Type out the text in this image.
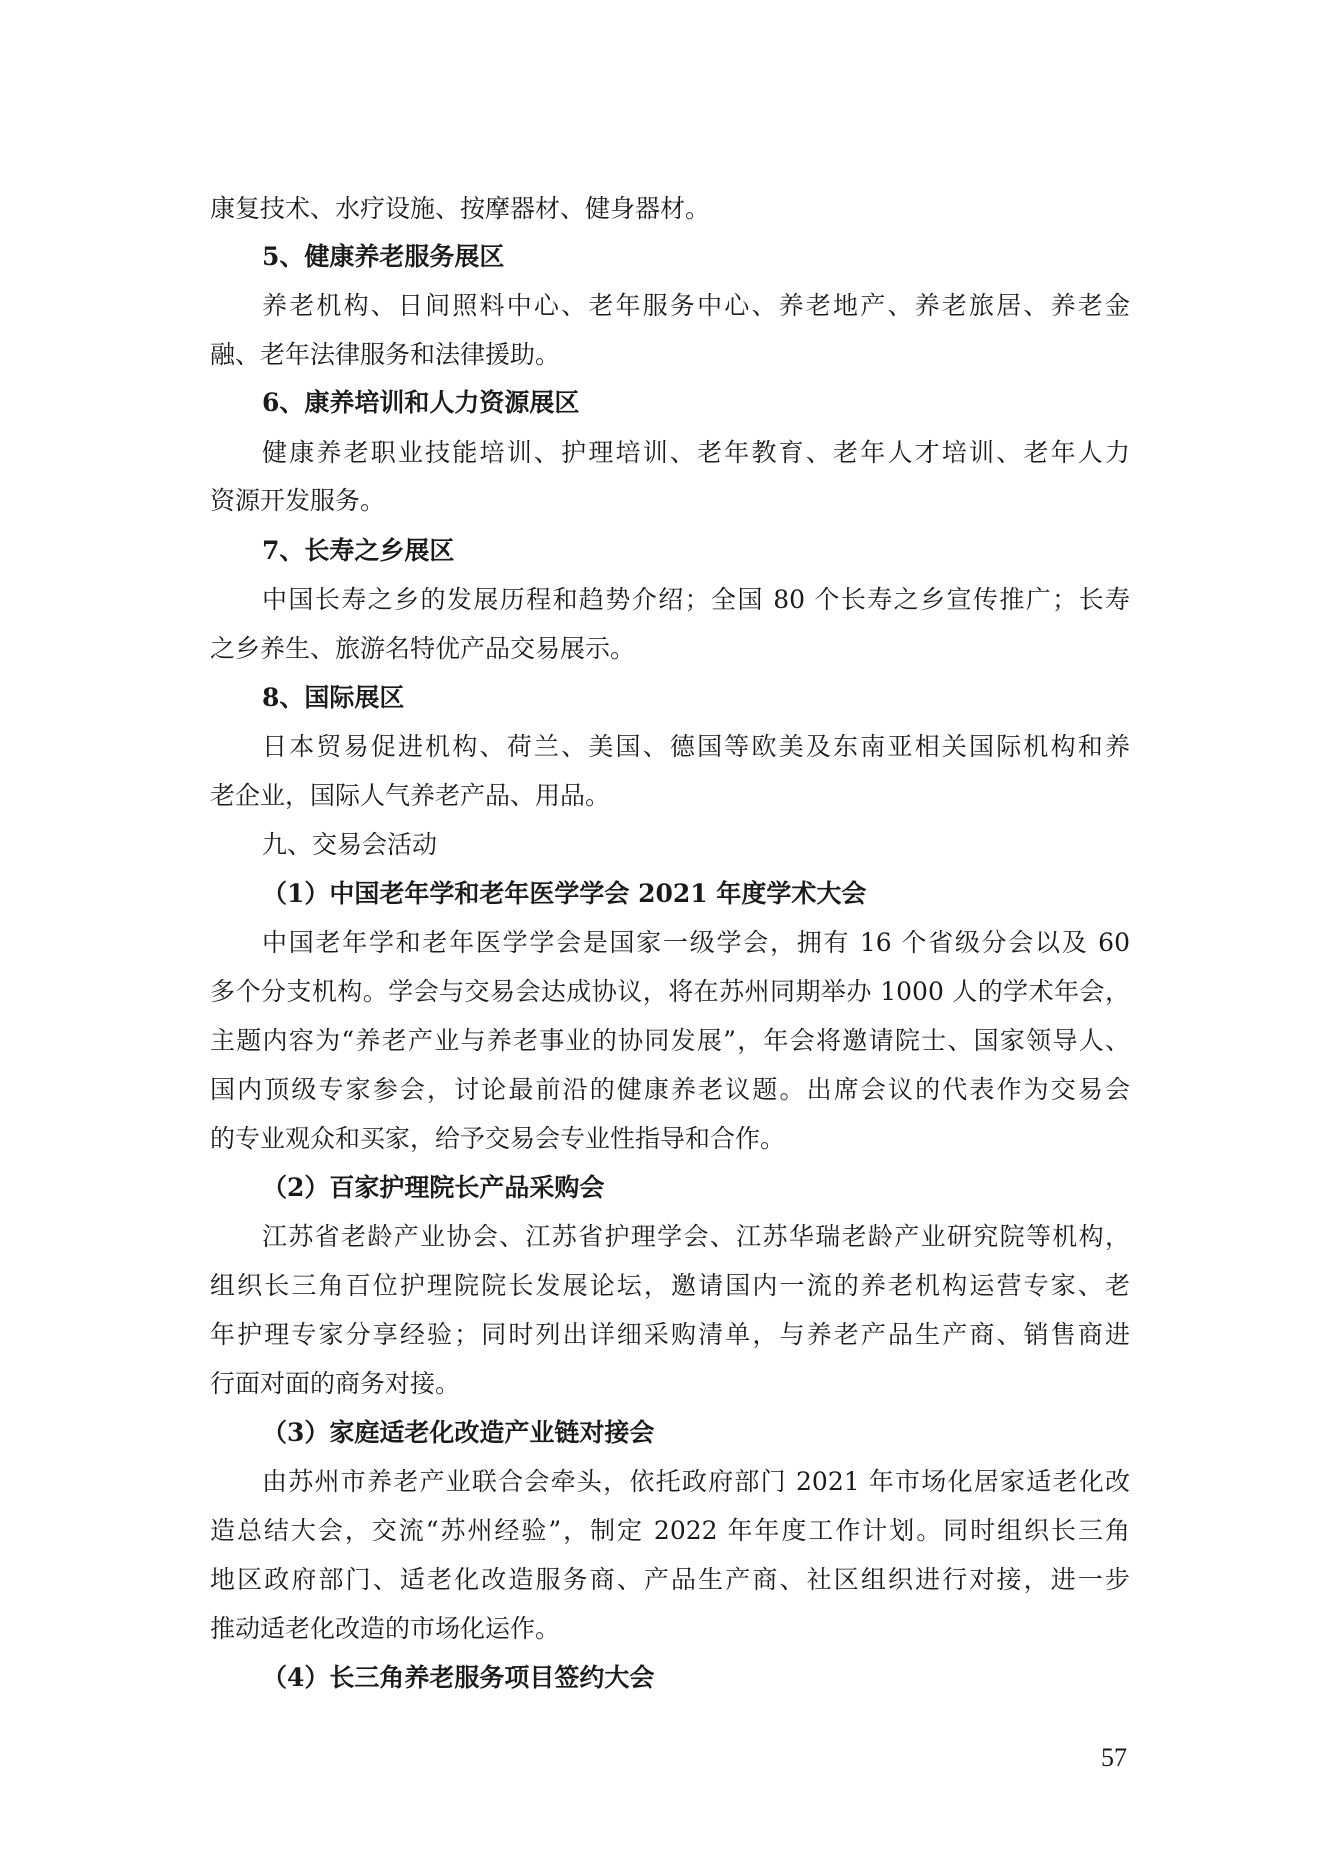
康复技术、水疗设施、按摩器材、健身器材。
5、健康养老服务展区
养老机构、日间照料中心、老年服务中心、养老地产、养老旅居、养老金
融、老年法律服务和法律援助。
6、康养培训和人力资源展区
健康养老职业技能培训、护理培训、老年教育、老年人才培训、老年人力
资源开发服务。
7、长寿之乡展区
中国长寿之乡的发展历程和趋势介绍；全国 80 个长寿之乡宣传推广；长寿
之乡养生、旅游名特优产品交易展示。
8、国际展区
日本贸易促进机构、荷兰、美国、德国等欧美及东南亚相关国际机构和养
老企业，国际人气养老产品、用品。
九、交易会活动
（1）中国老年学和老年医学学会 2021 年度学术大会
中国老年学和老年医学学会是国家一级学会，拥有 16 个省级分会以及 60
多个分支机构。学会与交易会达成协议，将在苏州同期举办 1000 人的学术年会，
主题内容为“养老产业与养老事业的协同发展”，年会将邀请院士、国家领导人、
国内顶级专家参会，讨论最前沿的健康养老议题。出席会议的代表作为交易会
的专业观众和买家，给予交易会专业性指导和合作。
（2）百家护理院长产品采购会
江苏省老龄产业协会、江苏省护理学会、江苏华瑞老龄产业研究院等机构，
组织长三角百位护理院院长发展论坛，邀请国内一流的养老机构运营专家、老
年护理专家分享经验；同时列出详细采购清单，与养老产品生产商、销售商进
行面对面的商务对接。
（3）家庭适老化改造产业链对接会
由苏州市养老产业联合会牵头，依托政府部门 2021 年市场化居家适老化改
造总结大会，交流“苏州经验”，制定 2022 年年度工作计划。同时组织长三角
地区政府部门、适老化改造服务商、产品生产商、社区组织进行对接，进一步
推动适老化改造的市场化运作。
（4）长三角养老服务项目签约大会
57
